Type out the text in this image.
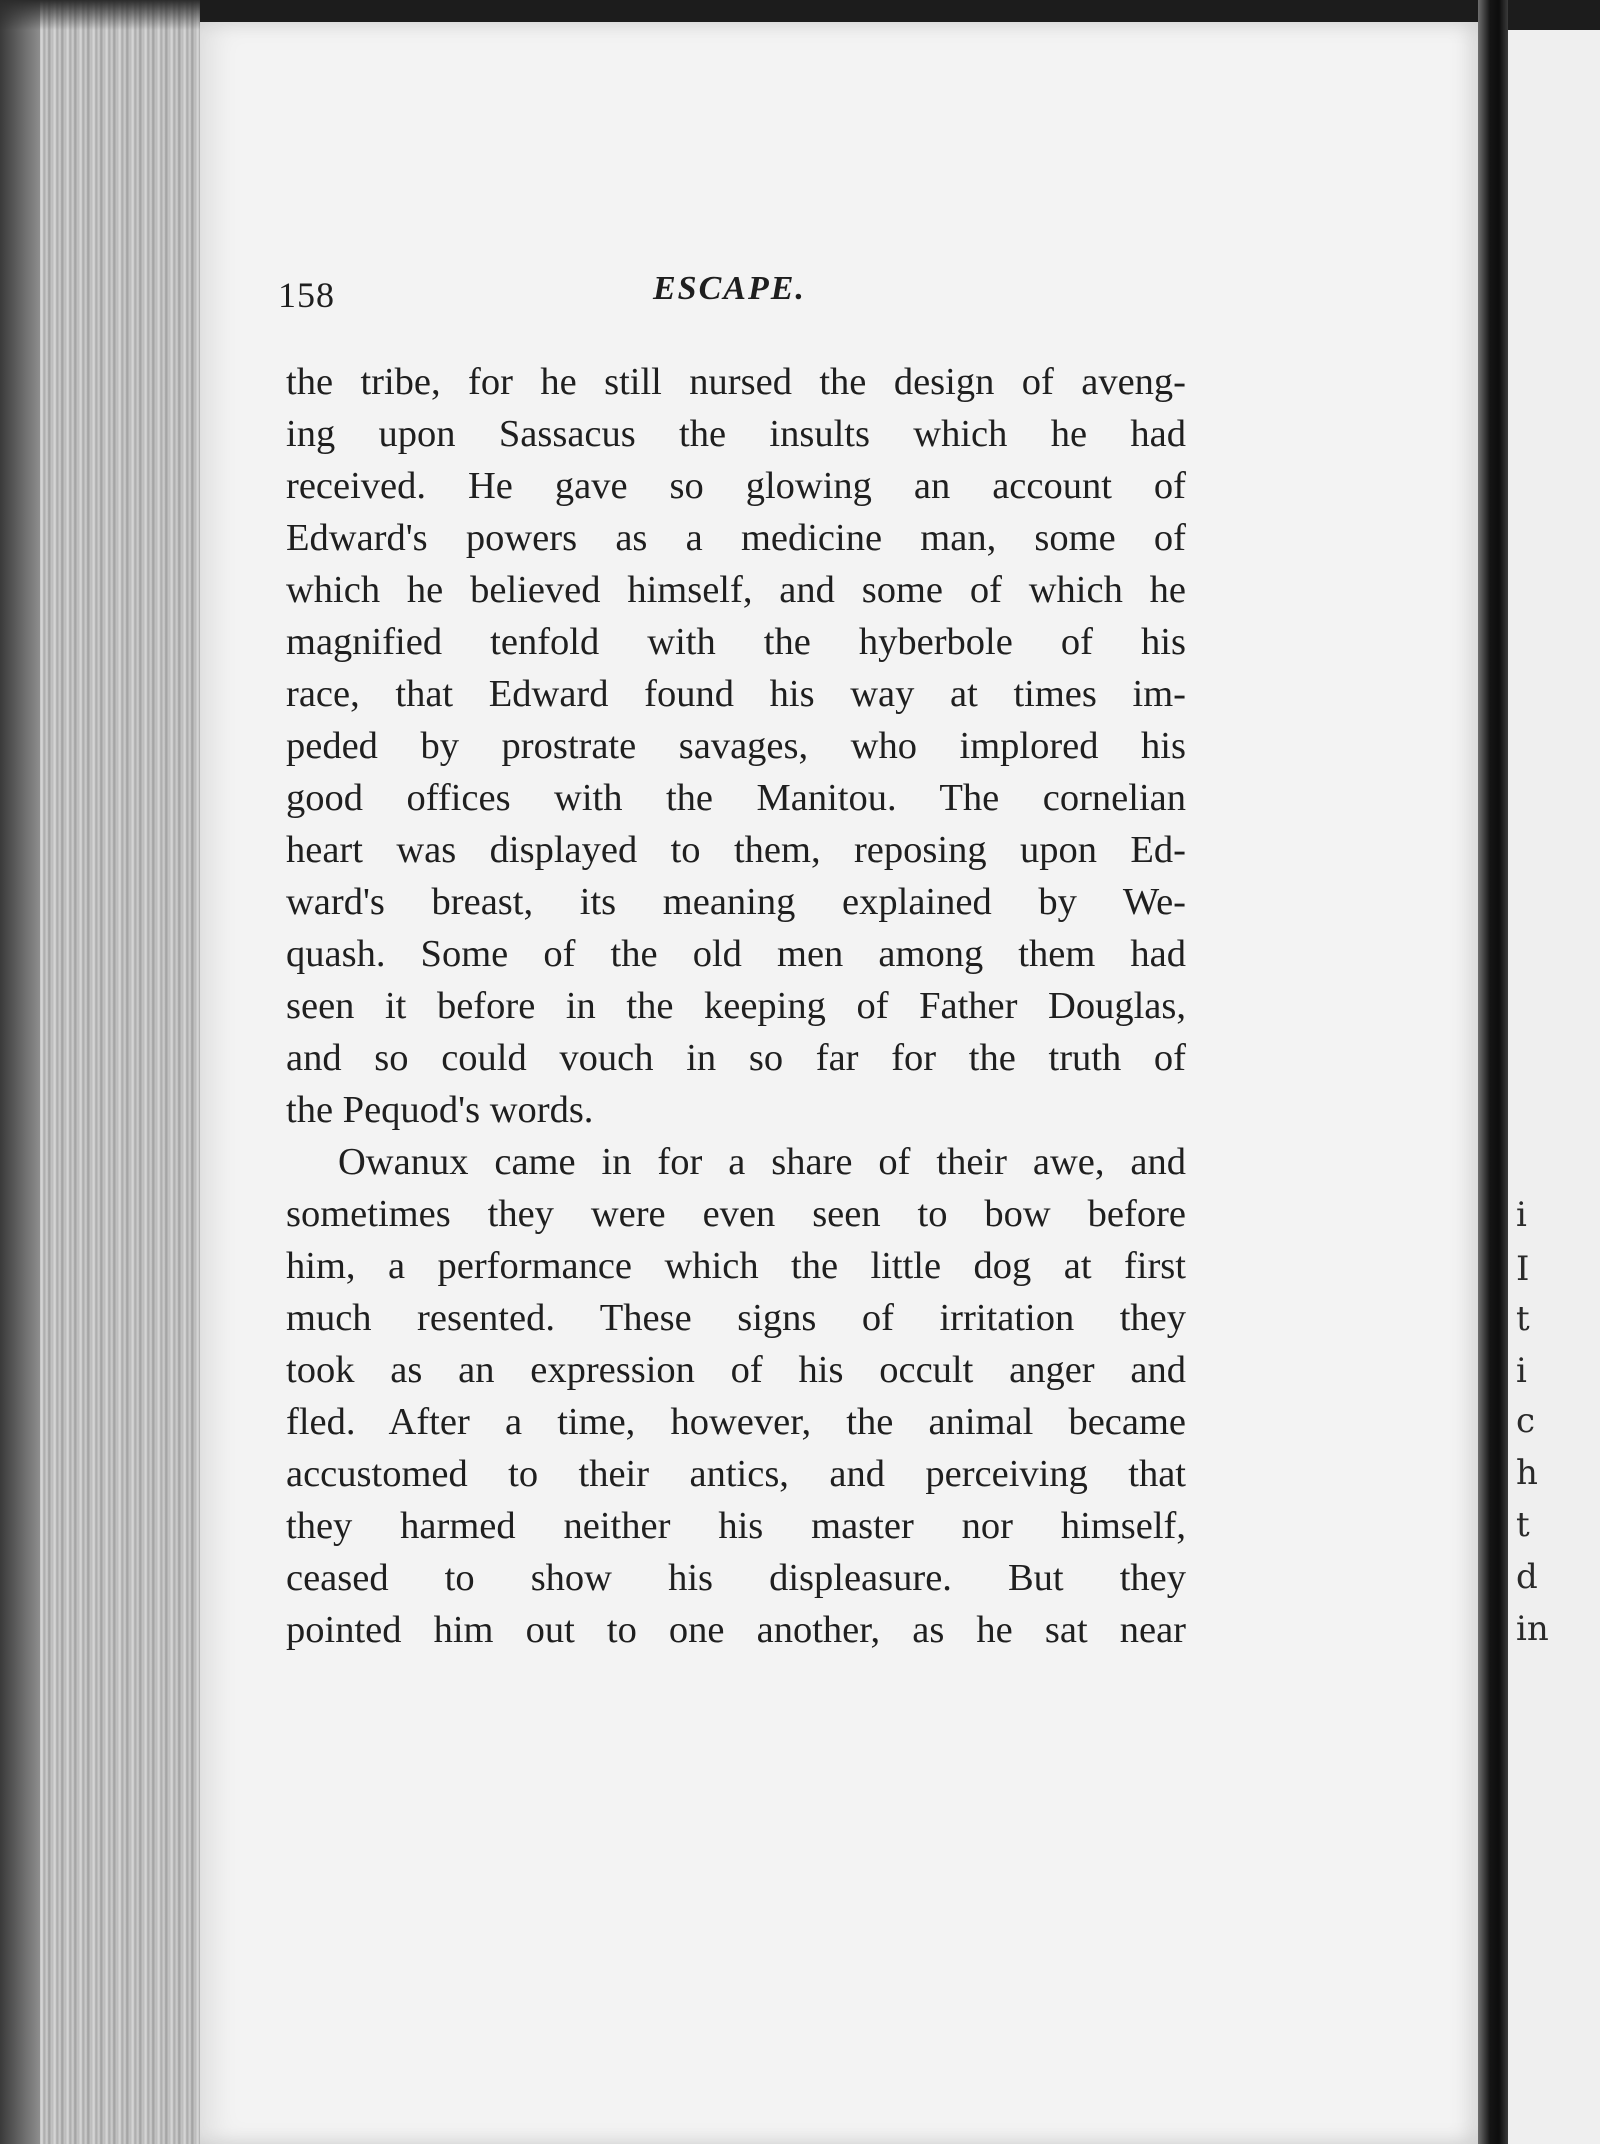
158	ESCAPE.
the tribe, for he still nursed the design of aveng-
ing upon Sassacus the insults which he had
received. He gave so glowing an account of
Edward's powers as a medicine man, some of
which he believed himself, and some of which he
magnified tenfold with the hyberbole of his
race, that Edward found his way at times im-
peded by prostrate savages, who implored his
good offices with the Manitou. The cornelian
heart was displayed to them, reposing upon Ed-
ward's breast, its meaning explained by We-
quash. Some of the old men among them had
seen it before in the keeping of Father Douglas,
and so could vouch in so far for the truth of
the Pequod's words.
Owanux came in for a share of their awe, and
sometimes they were even seen to bow before
him, a performance which the little dog at first
much resented. These signs of irritation they
took as an expression of his occult anger and
fled. After a time, however, the animal became
accustomed to their antics, and perceiving that
they harmed neither his master nor himself,
ceased to show his displeasure. But they
pointed him out to one another, as he sat near
i
I
t
i
c
h
t
d
in
